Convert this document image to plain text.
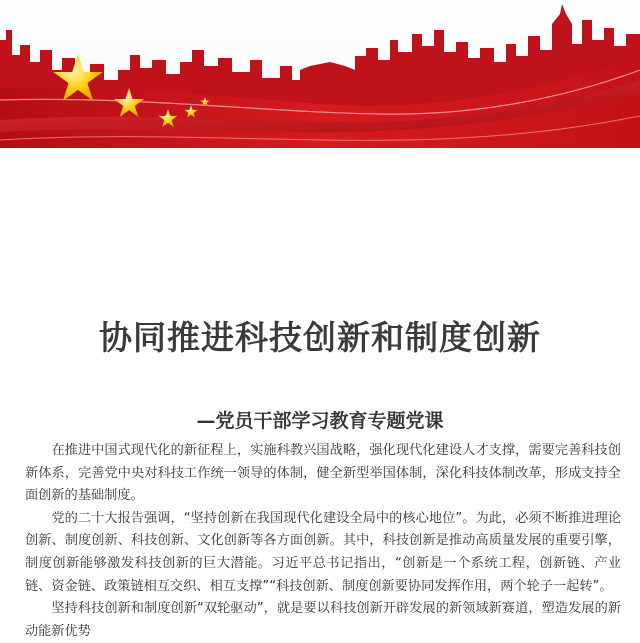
协同推进科技创新和制度创新
—党员干部学习教育专题党课

在推进中国式现代化的新征程上，实施科教兴国战略，强化现代化建设人才支撑，需要完善科技创新体系，完善党中央对科技工作统一领导的体制，健全新型举国体制，深化科技体制改革，形成支持全面创新的基础制度。

党的二十大报告强调，“坚持创新在我国现代化建设全局中的核心地位”。为此，必须不断推进理论创新、制度创新、科技创新、文化创新等各方面创新。其中，科技创新是推动高质量发展的重要引擎，制度创新能够激发科技创新的巨大潜能。习近平总书记指出，“创新是一个系统工程，创新链、产业链、资金链、政策链相互交织、相互支撑”“科技创新、制度创新要协同发挥作用，两个轮子一起转”。

坚持科技创新和制度创新“双轮驱动”，就是要以科技创新开辟发展的新领域新赛道，塑造发展的新动能新优势
